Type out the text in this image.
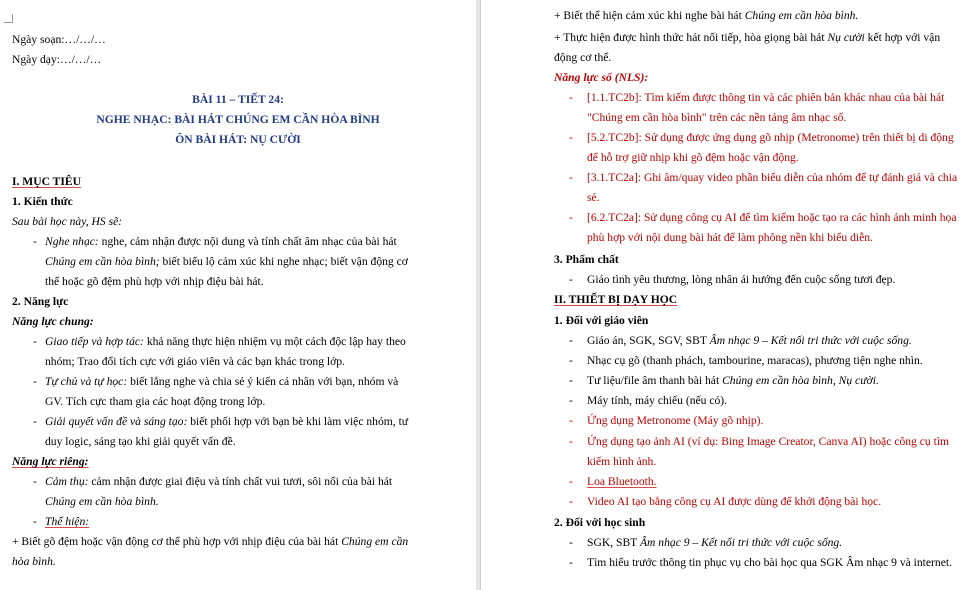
Ngày soạn:…/…/…
Ngày dạy:…/…/…
BÀI 11 – TIẾT 24:
NGHE NHẠC: BÀI HÁT CHÚNG EM CẦN HÒA BÌNH
ÔN BÀI HÁT: NỤ CƯỜI
I. MỤC TIÊU
1. Kiến thức
Sau bài học này, HS sẽ:
- Nghe nhạc: nghe, cảm nhận được nội dung và tính chất âm nhạc của bài hát
Chúng em cần hòa bình; biết biểu lộ cảm xúc khi nghe nhạc; biết vận động cơ
thể hoặc gõ đệm phù hợp với nhịp điệu bài hát.
2. Năng lực
Năng lực chung:
- Giao tiếp và hợp tác: khả năng thực hiện nhiệm vụ một cách độc lập hay theo
nhóm; Trao đổi tích cực với giáo viên và các bạn khác trong lớp.
- Tự chủ và tự học: biết lắng nghe và chia sẻ ý kiến cá nhân với bạn, nhóm và
GV. Tích cực tham gia các hoạt động trong lớp.
- Giải quyết vấn đề và sáng tạo: biết phối hợp với bạn bè khi làm việc nhóm, tư
duy logic, sáng tạo khi giải quyết vấn đề.
Năng lực riêng:
- Cảm thụ: cảm nhận được giai điệu và tính chất vui tươi, sôi nổi của bài hát
Chúng em cần hòa bình.
- Thể hiện:
+ Biết gõ đệm hoặc vận động cơ thể phù hợp với nhịp điệu của bài hát Chúng em cần
hòa bình.
+ Biết thể hiện cảm xúc khi nghe bài hát Chúng em cần hòa bình.
+ Thực hiện được hình thức hát nối tiếp, hòa giọng bài hát Nụ cười kết hợp với vận
động cơ thể.
Năng lực số (NLS):
- [1.1.TC2b]: Tìm kiếm được thông tin và các phiên bản khác nhau của bài hát
"Chúng em cần hòa bình" trên các nền tảng âm nhạc số.
- [5.2.TC2b]: Sử dụng được ứng dụng gõ nhịp (Metronome) trên thiết bị di động
để hỗ trợ giữ nhịp khi gõ đệm hoặc vận động.
- [3.1.TC2a]: Ghi âm/quay video phần biểu diễn của nhóm để tự đánh giá và chia
sẻ.
- [6.2.TC2a]: Sử dụng công cụ AI để tìm kiếm hoặc tạo ra các hình ảnh minh họa
phù hợp với nội dung bài hát để làm phông nền khi biểu diễn.
3. Phẩm chất
- Giáo tình yêu thương, lòng nhân ái hướng đến cuộc sống tươi đẹp.
II. THIẾT BỊ DẠY HỌC
1. Đối với giáo viên
- Giáo án, SGK, SGV, SBT Âm nhạc 9 – Kết nối tri thức với cuộc sống.
- Nhạc cụ gõ (thanh phách, tambourine, maracas), phương tiện nghe nhìn.
- Tư liệu/file âm thanh bài hát Chúng em cần hòa bình, Nụ cười.
- Máy tính, máy chiếu (nếu có).
- Ứng dụng Metronome (Máy gõ nhịp).
- Ứng dụng tạo ảnh AI (ví dụ: Bing Image Creator, Canva AI) hoặc công cụ tìm
kiếm hình ảnh.
- Loa Bluetooth.
- Video AI tạo bằng công cụ AI được dùng để khởi động bài học.
2. Đối với học sinh
- SGK, SBT Âm nhạc 9 – Kết nối tri thức với cuộc sống.
- Tìm hiểu trước thông tin phục vụ cho bài học qua SGK Âm nhạc 9 và internet.
